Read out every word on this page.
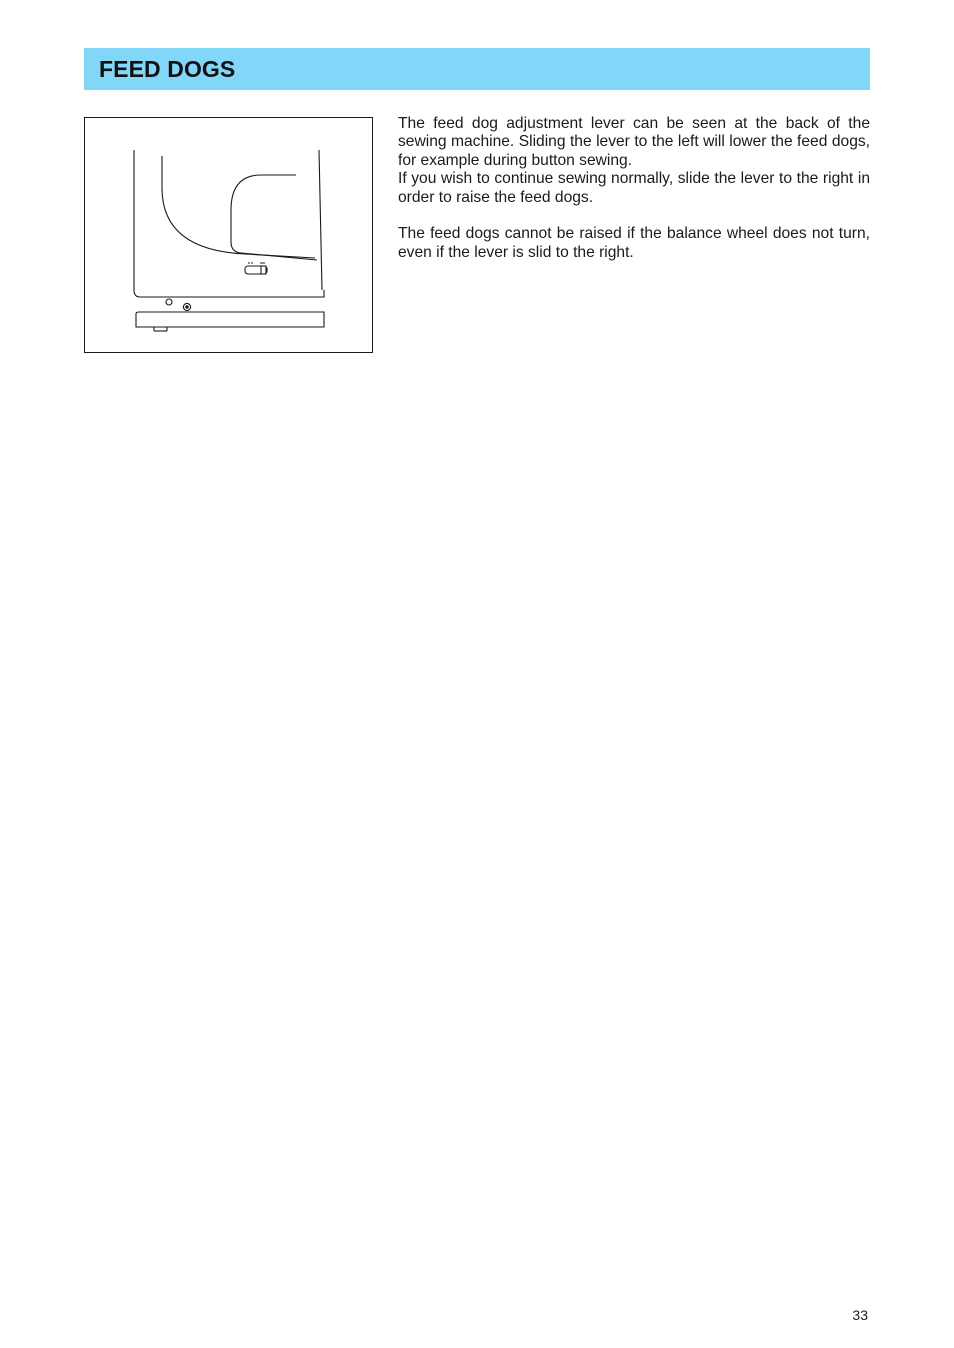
FEED DOGS

The feed dog adjustment lever can be seen at the back of the sewing machine. Sliding the lever to the left will lower the feed dogs, for example during button sewing.

If you wish to continue sewing normally, slide the lever to the right in order to raise the feed dogs.

The feed dogs cannot be raised if the balance wheel does not turn, even if the lever is slid to the right.

33
